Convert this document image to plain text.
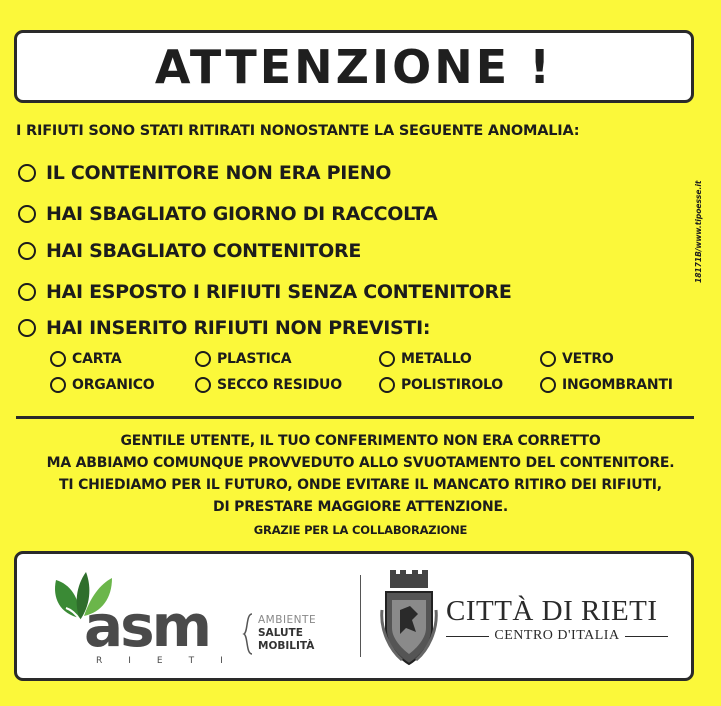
ATTENZIONE !
I RIFIUTI SONO STATI RITIRATI NONOSTANTE LA SEGUENTE ANOMALIA:
IL CONTENITORE NON ERA PIENO
HAI SBAGLIATO GIORNO DI RACCOLTA
HAI SBAGLIATO CONTENITORE
HAI ESPOSTO I RIFIUTI SENZA CONTENITORE
HAI INSERITO RIFIUTI NON PREVISTI:
CARTA	PLASTICA	METALLO	VETRO
ORGANICO	SECCO RESIDUO	POLISTIROLO	INGOMBRANTI
18171B/www.tipoesse.it
GENTILE UTENTE, IL TUO CONFERIMENTO NON ERA CORRETTO
MA ABBIAMO COMUNQUE PROVVEDUTO ALLO SVUOTAMENTO DEL CONTENITORE.
TI CHIEDIAMO PER IL FUTURO, ONDE EVITARE IL MANCATO RITIRO DEI RIFIUTI,
DI PRESTARE MAGGIORE ATTENZIONE.
GRAZIE PER LA COLLABORAZIONE
asm
RIETI
AMBIENTE
SALUTE
MOBILITÀ
CITTÀ DI RIETI
CENTRO D'ITALIA
